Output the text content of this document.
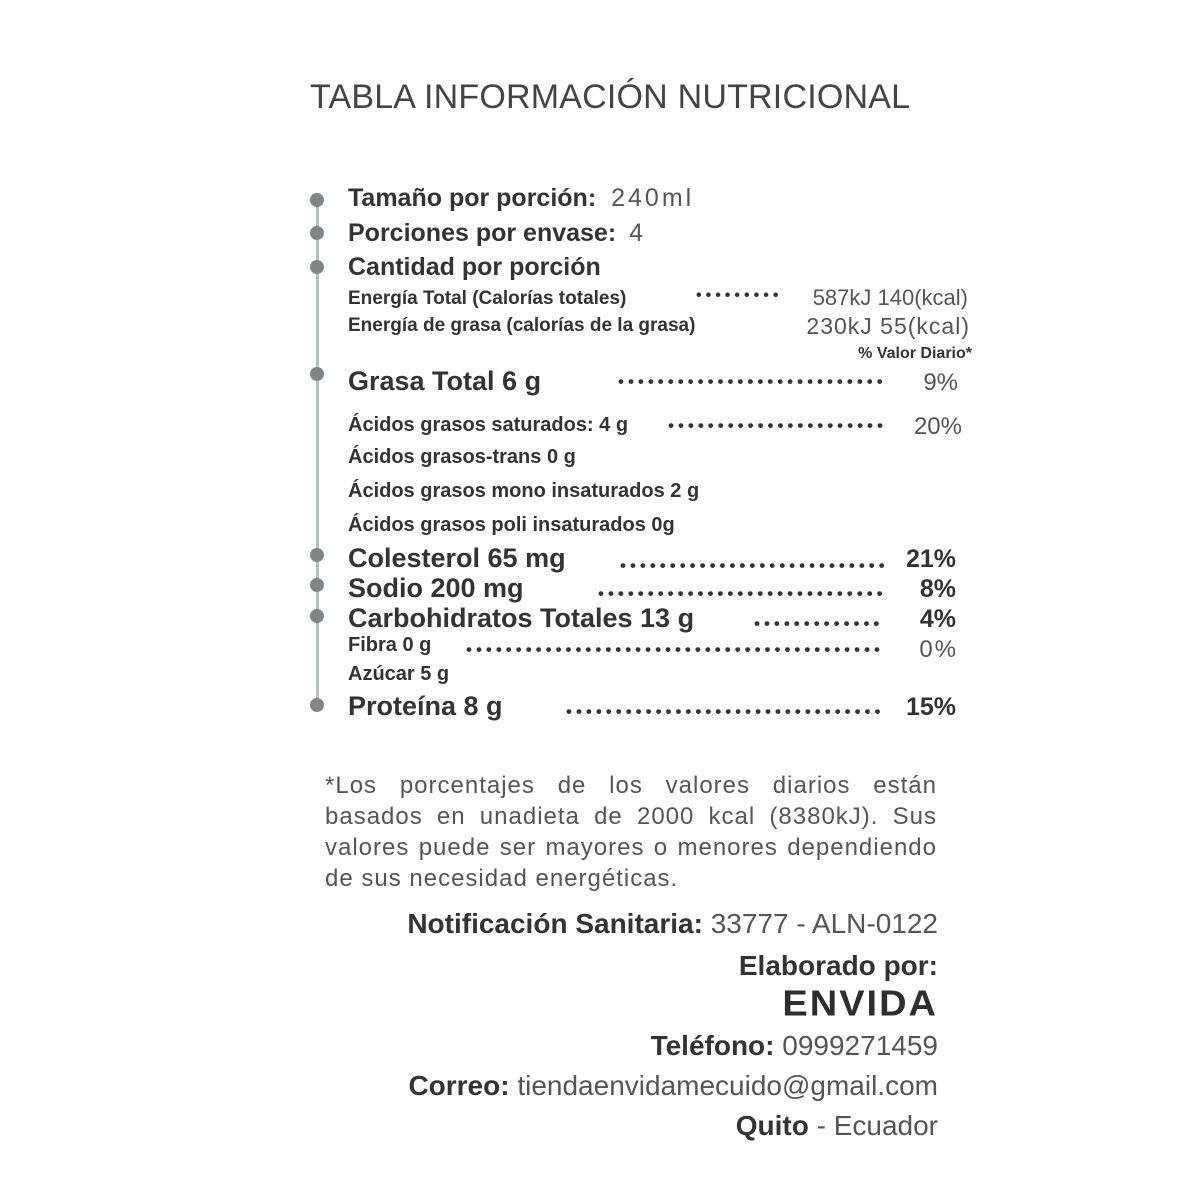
TABLA INFORMACIÓN NUTRICIONAL
Tamaño por porción: 240ml
Porciones por envase: 4
Cantidad por porción
Energía Total (Calorías totales) •••••	587kJ 140(kcal)
Energía de grasa (calorías de la grasa)	230kJ 55(kcal)
% Valor Diario*
Grasa Total 6 g •••••	9%
Ácidos grasos saturados: 4 g •••••	20%
Ácidos grasos-trans 0 g
Ácidos grasos mono insaturados 2 g
Ácidos grasos poli insaturados 0g
Colesterol 65 mg •••••	21%
Sodio 200 mg •••••	8%
Carbohidratos Totales 13 g •••••	4%
Fibra 0 g •••••	0%
Azúcar 5 g
Proteína 8 g •••••	15%
*Los porcentajes de los valores diarios están basados en unadieta de 2000 kcal (8380kJ). Sus valores puede ser mayores o menores dependiendo de sus necesidad energéticas.
Notificación Sanitaria: 33777 - ALN-0122
Elaborado por:
ENVIDA
Teléfono: 0999271459
Correo: tiendaenvidamecuido@gmail.com
Quito - Ecuador
